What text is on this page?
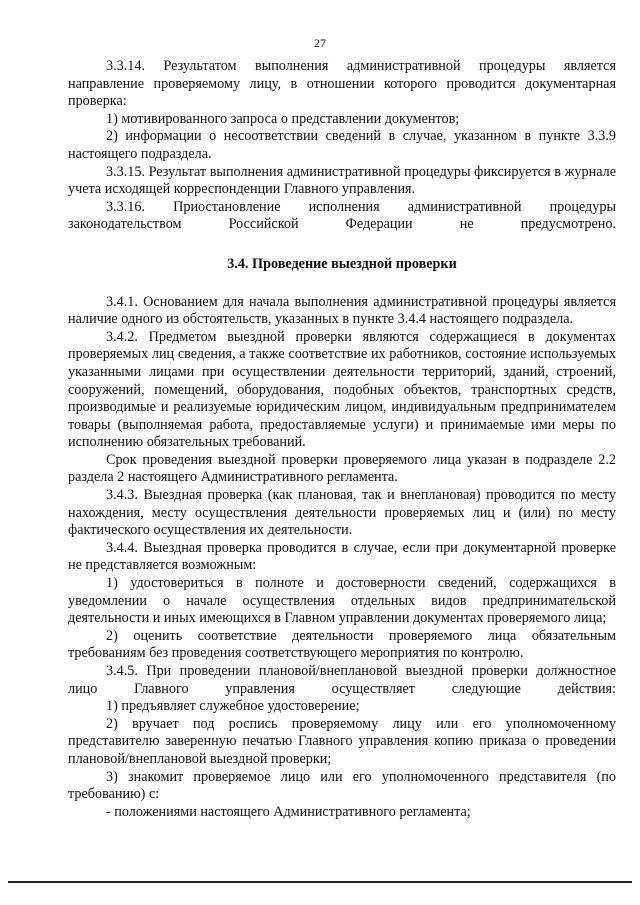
27

3.3.14. Результатом выполнения административной процедуры является направление проверяемому лицу, в отношении которого проводится документарная проверка:

1) мотивированного запроса о представлении документов;

2) информации о несоответствии сведений в случае, указанном в пункте 3.3.9 настоящего подраздела.

3.3.15. Результат выполнения административной процедуры фиксируется в журнале учета исходящей корреспонденции Главного управления.

3.3.16. Приостановление исполнения административной процедуры законодательством Российской Федерации не предусмотрено.

3.4. Проведение выездной проверки

3.4.1. Основанием для начала выполнения административной процедуры является наличие одного из обстоятельств, указанных в пункте 3.4.4 настоящего подраздела.

3.4.2. Предметом выездной проверки являются содержащиеся в документах проверяемых лиц сведения, а также соответствие их работников, состояние используемых указанными лицами при осуществлении деятельности территорий, зданий, строений, сооружений, помещений, оборудования, подобных объектов, транспортных средств, производимые и реализуемые юридическим лицом, индивидуальным предпринимателем товары (выполняемая работа, предоставляемые услуги) и принимаемые ими меры по исполнению обязательных требований.

Срок проведения выездной проверки проверяемого лица указан в подразделе 2.2 раздела 2 настоящего Административного регламента.

3.4.3. Выездная проверка (как плановая, так и внеплановая) проводится по месту нахождения, месту осуществления деятельности проверяемых лиц и (или) по месту фактического осуществления их деятельности.

3.4.4. Выездная проверка проводится в случае, если при документарной проверке не представляется возможным:

1) удостовериться в полноте и достоверности сведений, содержащихся в уведомлении о начале осуществления отдельных видов предпринимательской деятельности и иных имеющихся в Главном управлении документах проверяемого лица;

2) оценить соответствие деятельности проверяемого лица обязательным требованиям без проведения соответствующего мероприятия по контролю.

3.4.5. При проведении плановой/внеплановой выездной проверки должностное лицо Главного управления осуществляет следующие действия:

1) предъявляет служебное удостоверение;

2) вручает под роспись проверяемому лицу или его уполномоченному представителю заверенную печатью Главного управления копию приказа о проведении плановой/внеплановой выездной проверки;

3) знакомит проверяемое лицо или его уполномоченного представителя (по требованию) с:

- положениями настоящего Административного регламента;
